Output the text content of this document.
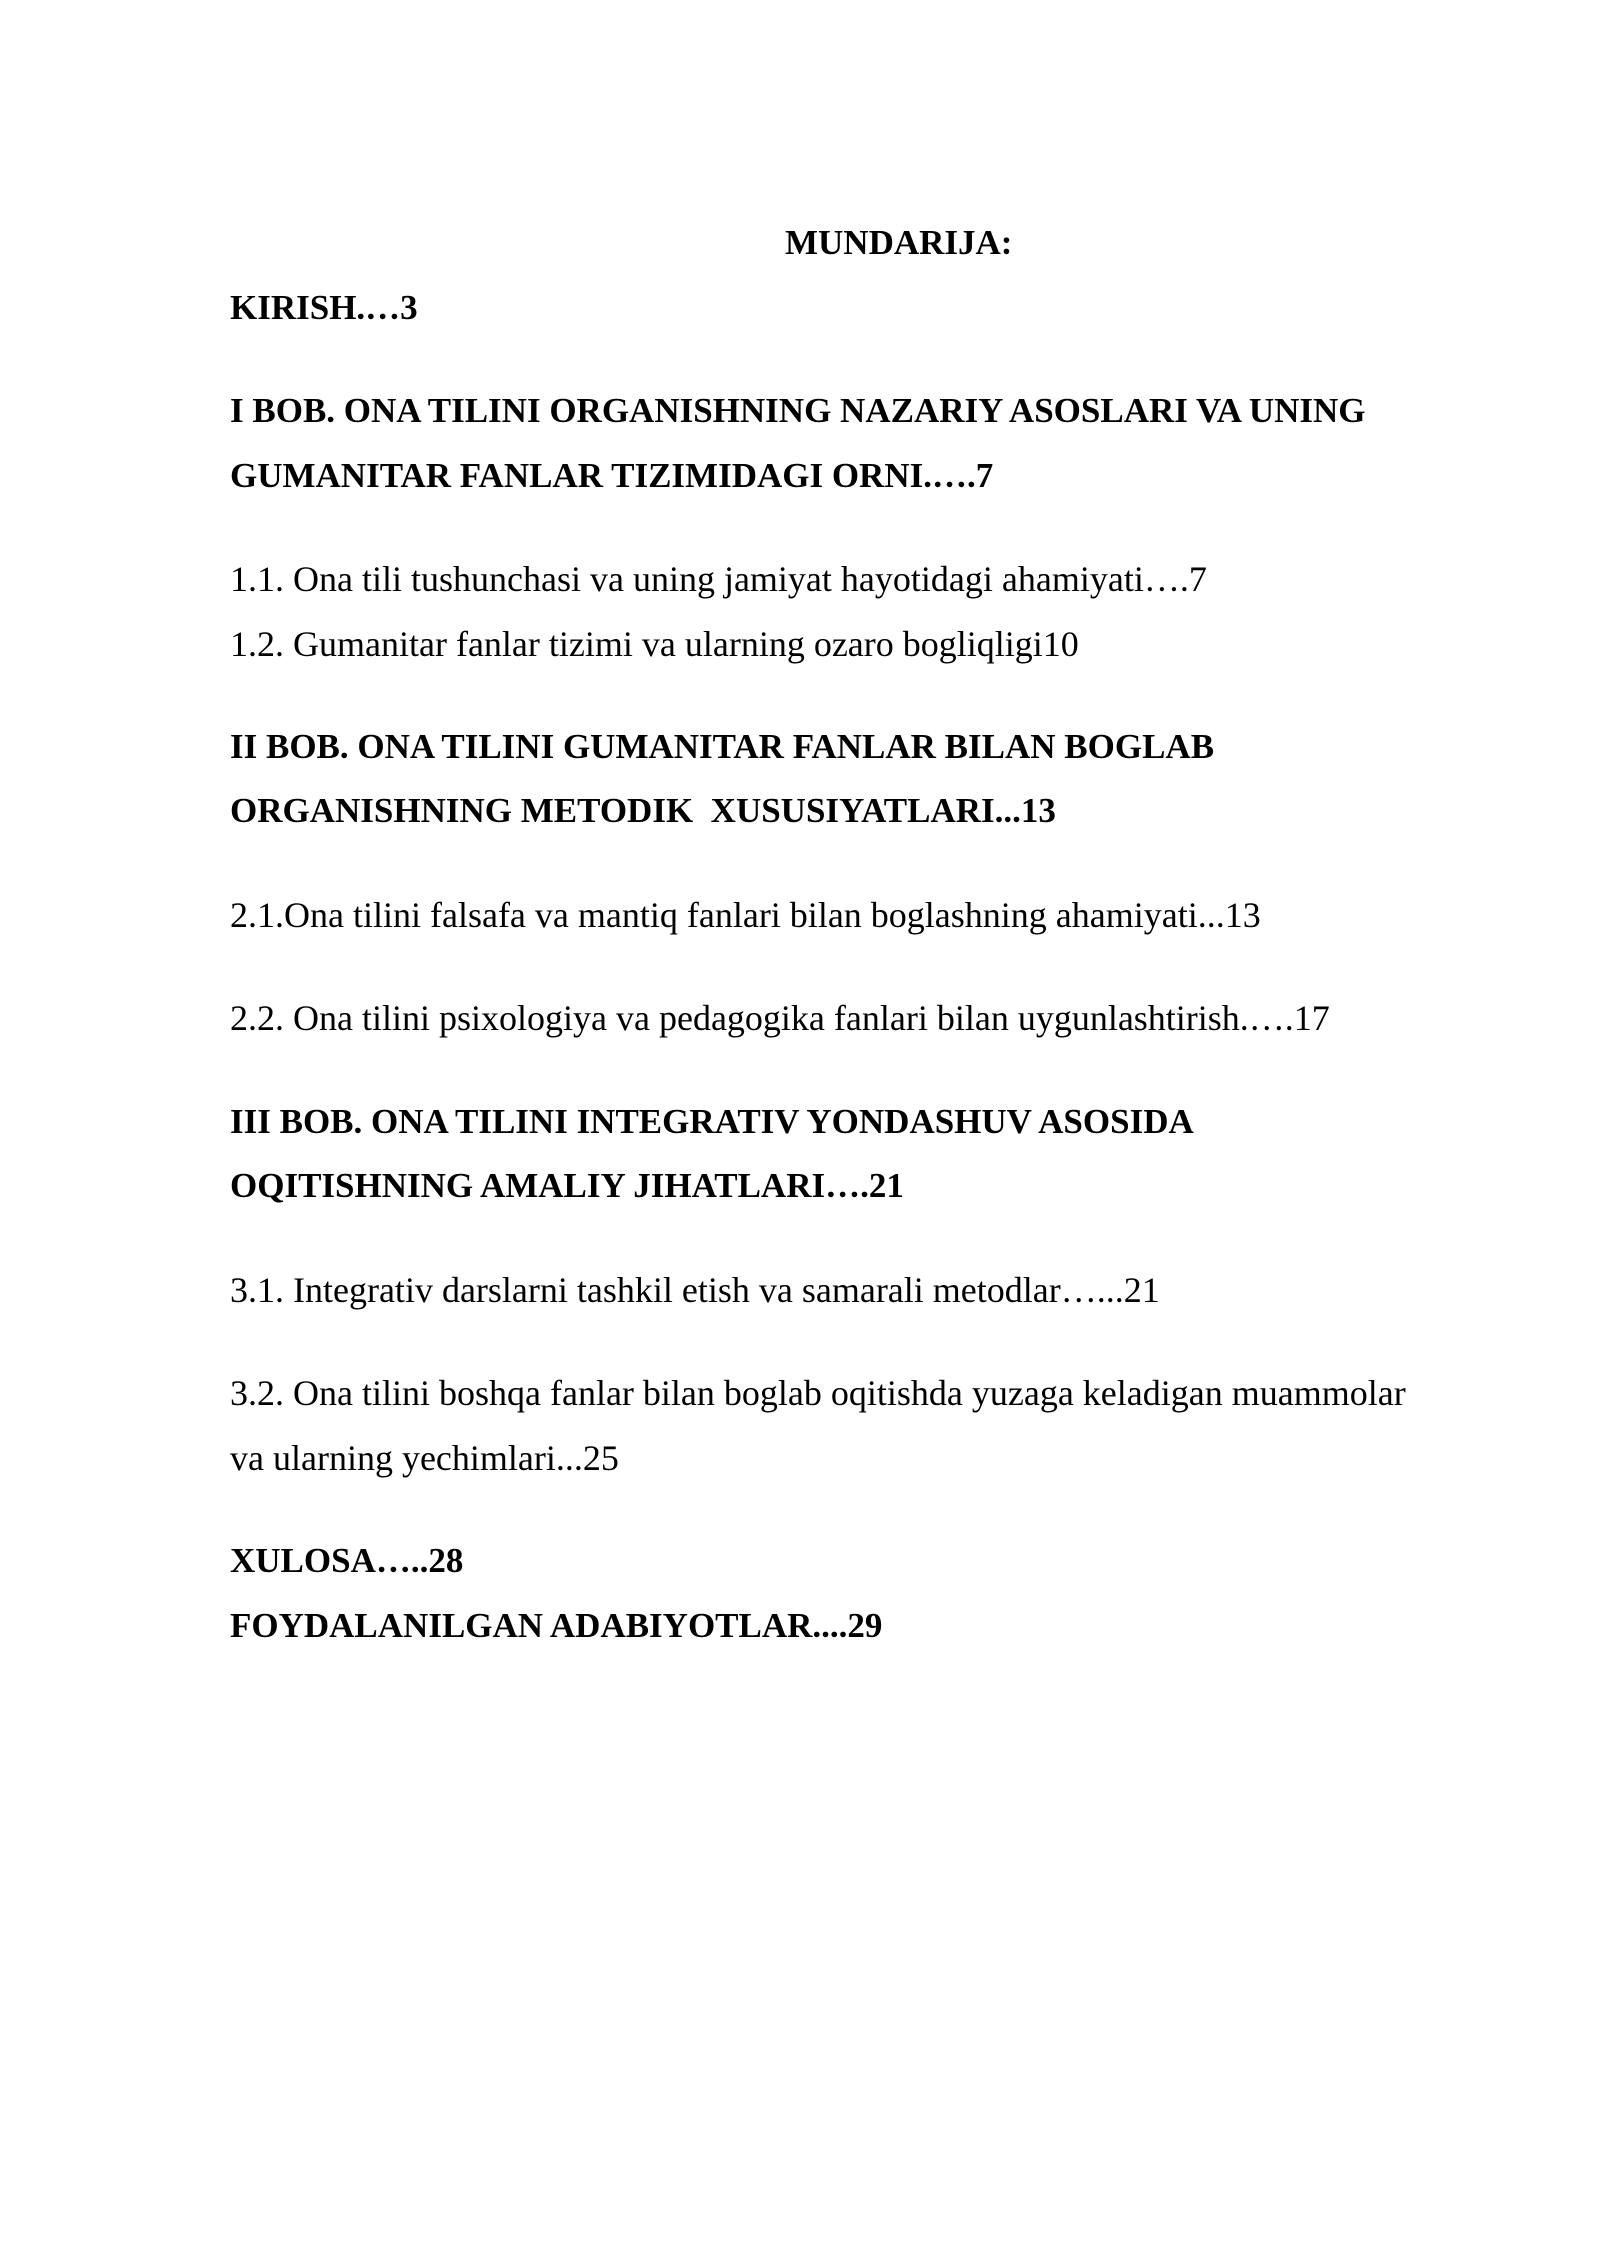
MUNDARIJA:
KIRISH.…3
I BOB. ONA TILINI ORGANISHNING NAZARIY ASOSLARI VA UNING
GUMANITAR FANLAR TIZIMIDAGI ORNI.….7
1.1. Ona tili tushunchasi va uning jamiyat hayotidagi ahamiyati….7
1.2. Gumanitar fanlar tizimi va ularning ozaro bogliqligi10
II BOB. ONA TILINI GUMANITAR FANLAR BILAN BOGLAB
ORGANISHNING METODIK  XUSUSIYATLARI...13
2.1.Ona tilini falsafa va mantiq fanlari bilan boglashning ahamiyati...13
2.2. Ona tilini psixologiya va pedagogika fanlari bilan uygunlashtirish.….17
III BOB. ONA TILINI INTEGRATIV YONDASHUV ASOSIDA
OQITISHNING AMALIY JIHATLARI….21
3.1. Integrativ darslarni tashkil etish va samarali metodlar…...21
3.2. Ona tilini boshqa fanlar bilan boglab oqitishda yuzaga keladigan muammolar
va ularning yechimlari...25
XULOSA…..28
FOYDALANILGAN ADABIYOTLAR....29
